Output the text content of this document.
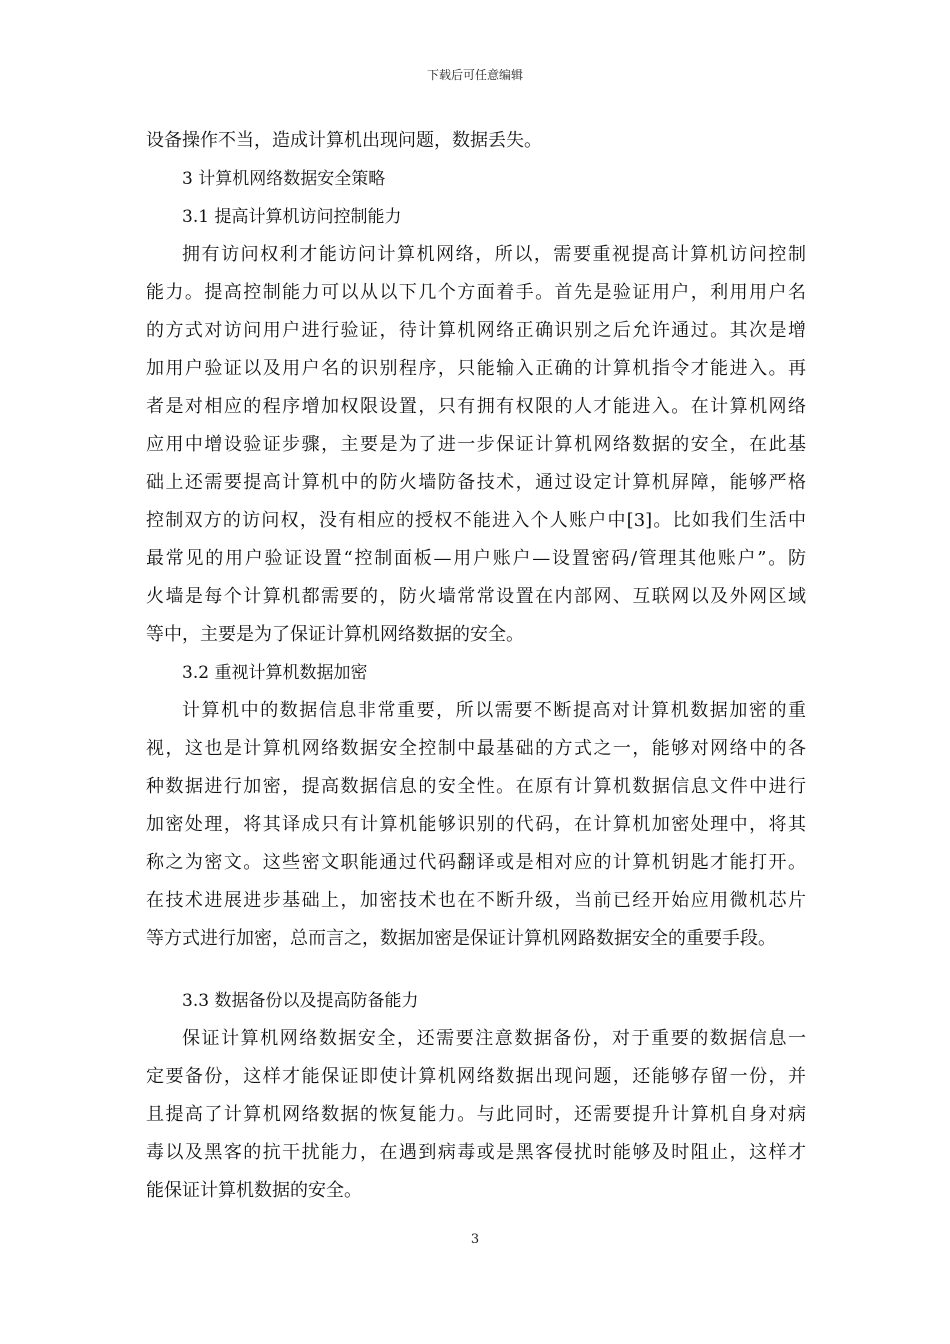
下载后可任意编辑
设备操作不当，造成计算机出现问题，数据丢失。
3 计算机网络数据安全策略
3.1 提高计算机访问控制能力
拥有访问权利才能访问计算机网络，所以，需要重视提高计算机访问控制
能力。提高控制能力可以从以下几个方面着手。首先是验证用户，利用用户名
的方式对访问用户进行验证，待计算机网络正确识别之后允许通过。其次是增
加用户验证以及用户名的识别程序，只能输入正确的计算机指令才能进入。再
者是对相应的程序增加权限设置，只有拥有权限的人才能进入。在计算机网络
应用中增设验证步骤，主要是为了进一步保证计算机网络数据的安全，在此基
础上还需要提高计算机中的防火墙防备技术，通过设定计算机屏障，能够严格
控制双方的访问权，没有相应的授权不能进入个人账户中[3]。比如我们生活中
最常见的用户验证设置“控制面板—用户账户—设置密码/管理其他账户”。防
火墙是每个计算机都需要的，防火墙常常设置在内部网、互联网以及外网区域
等中，主要是为了保证计算机网络数据的安全。
3.2 重视计算机数据加密
计算机中的数据信息非常重要，所以需要不断提高对计算机数据加密的重
视，这也是计算机网络数据安全控制中最基础的方式之一，能够对网络中的各
种数据进行加密，提高数据信息的安全性。在原有计算机数据信息文件中进行
加密处理，将其译成只有计算机能够识别的代码，在计算机加密处理中，将其
称之为密文。这些密文职能通过代码翻译或是相对应的计算机钥匙才能打开。
在技术进展进步基础上，加密技术也在不断升级，当前已经开始应用微机芯片
等方式进行加密，总而言之，数据加密是保证计算机网路数据安全的重要手段。
3.3 数据备份以及提高防备能力
保证计算机网络数据安全，还需要注意数据备份，对于重要的数据信息一
定要备份，这样才能保证即使计算机网络数据出现问题，还能够存留一份，并
且提高了计算机网络数据的恢复能力。与此同时，还需要提升计算机自身对病
毒以及黑客的抗干扰能力，在遇到病毒或是黑客侵扰时能够及时阻止，这样才
能保证计算机数据的安全。
3
